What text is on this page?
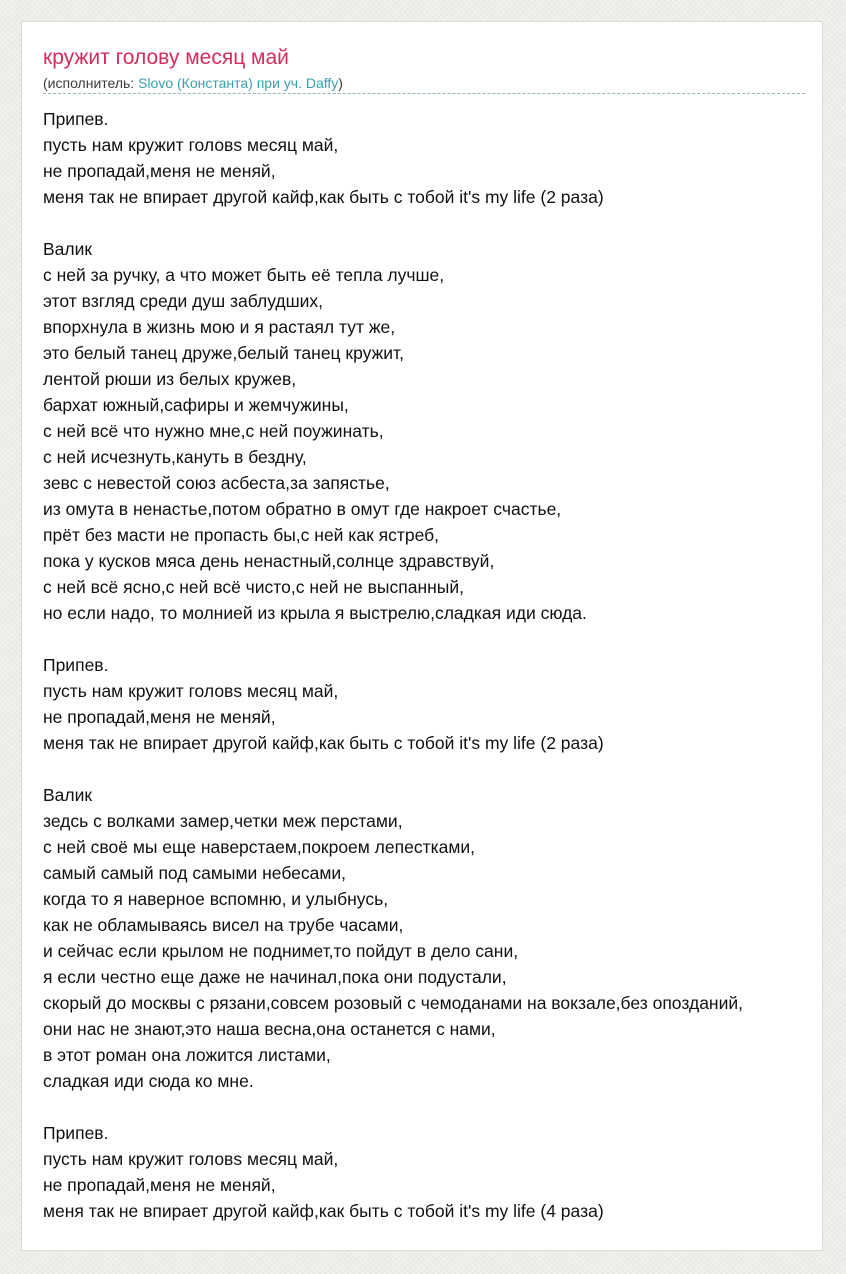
кружит голову месяц май
(исполнитель: Slovo (Константа) при уч. Daffy)
Припев.
пусть нам кружит головs месяц май,
не пропадай,меня не меняй,
меня так не впирает другой кайф,как быть с тобой it's my life (2 раза)
Валик
с ней за ручку, а что может быть её тепла лучше,
этот взгляд среди душ заблудших,
впорхнула в жизнь мою и я растаял тут же,
это белый танец друже,белый танец кружит,
лентой рюши из белых кружев,
бархат южный,сафиры и жемчужины,
с ней всё что нужно мне,с ней поужинать,
с ней исчезнуть,кануть в бездну,
зевс с невестой союз асбеста,за запястье,
из омута в ненастье,потом обратно в омут где накроет счастье,
прёт без масти не пропасть бы,с ней как ястреб,
пока у кусков мяса день ненастный,солнце здравствуй,
с ней всё ясно,с ней всё чисто,с ней не выспанный,
но если надо, то молнией из крыла я выстрелю,сладкая иди сюда.
Припев.
пусть нам кружит головs месяц май,
не пропадай,меня не меняй,
меня так не впирает другой кайф,как быть с тобой it's my life (2 раза)
Валик
зедсь с волками замер,четки меж перстами,
с ней своё мы еще наверстаем,покроем лепестками,
самый самый под самыми небесами,
когда то я наверное вспомню, и улыбнусь,
как не обламываясь висел на трубе часами,
и сейчас если крылом не поднимет,то пойдут в дело сани,
я если честно еще даже не начинал,пока они подустали,
скорый до москвы с рязани,совсем розовый с чемоданами на вокзале,без опозданий,
они нас не знают,это наша весна,она останется с нами,
в этот роман она ложится листами,
сладкая иди сюда ко мне.
Припев.
пусть нам кружит головs месяц май,
не пропадай,меня не меняй,
меня так не впирает другой кайф,как быть с тобой it's my life (4 раза)
